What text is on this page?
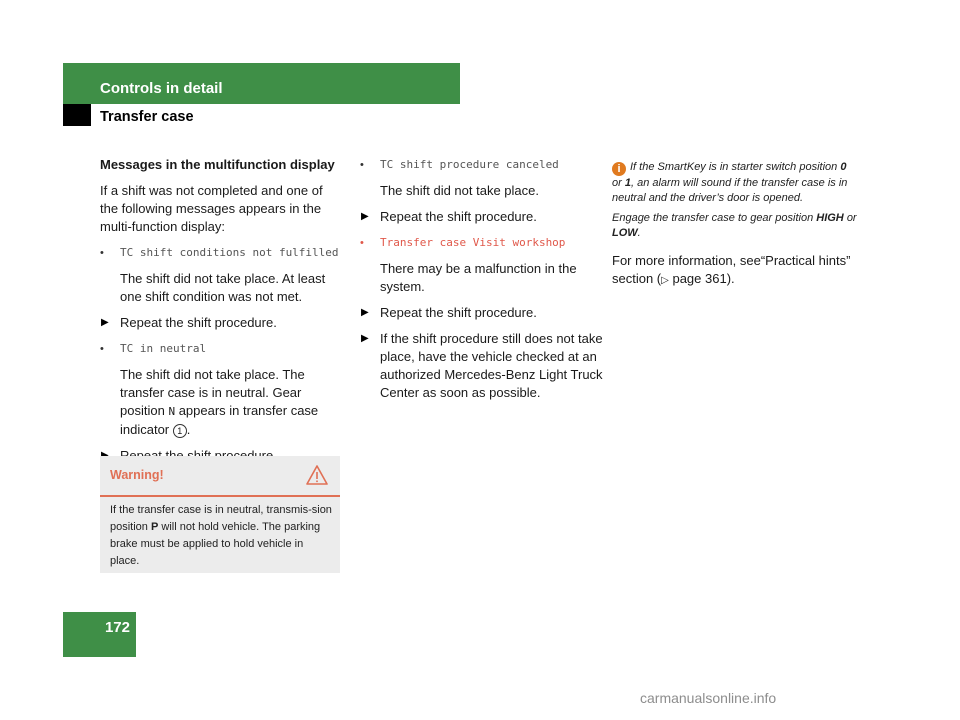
Controls in detail
Transfer case

Messages in the multifunction display

If a shift was not completed and one of the following messages appears in the multi-function display:

• TC shift conditions not fulfilled

The shift did not take place. At least one shift condition was not met.

▶ Repeat the shift procedure.

• TC in neutral

The shift did not take place. The transfer case is in neutral. Gear position N appears in transfer case indicator 1 .

Warning!
If the transfer case is in neutral, transmis-sion position P will not hold vehicle. The parking brake must be applied to hold vehicle in place.

• TC shift procedure canceled

The shift did not take place.

▶ Repeat the shift procedure.

• Transfer case Visit workshop

There may be a malfunction in the system.

▶ Repeat the shift procedure.

▶ If the shift procedure still does not take place, have the vehicle checked at an authorized Mercedes-Benz Light Truck Center as soon as possible.

i If the SmartKey is in starter switch position 0 or 1, an alarm will sound if the transfer case is in neutral and the driver’s door is opened.

Engage the transfer case to gear position HIGH or LOW.

For more information, see“Practical hints” section (▷ page 361).

172
carmanualsonline.info
